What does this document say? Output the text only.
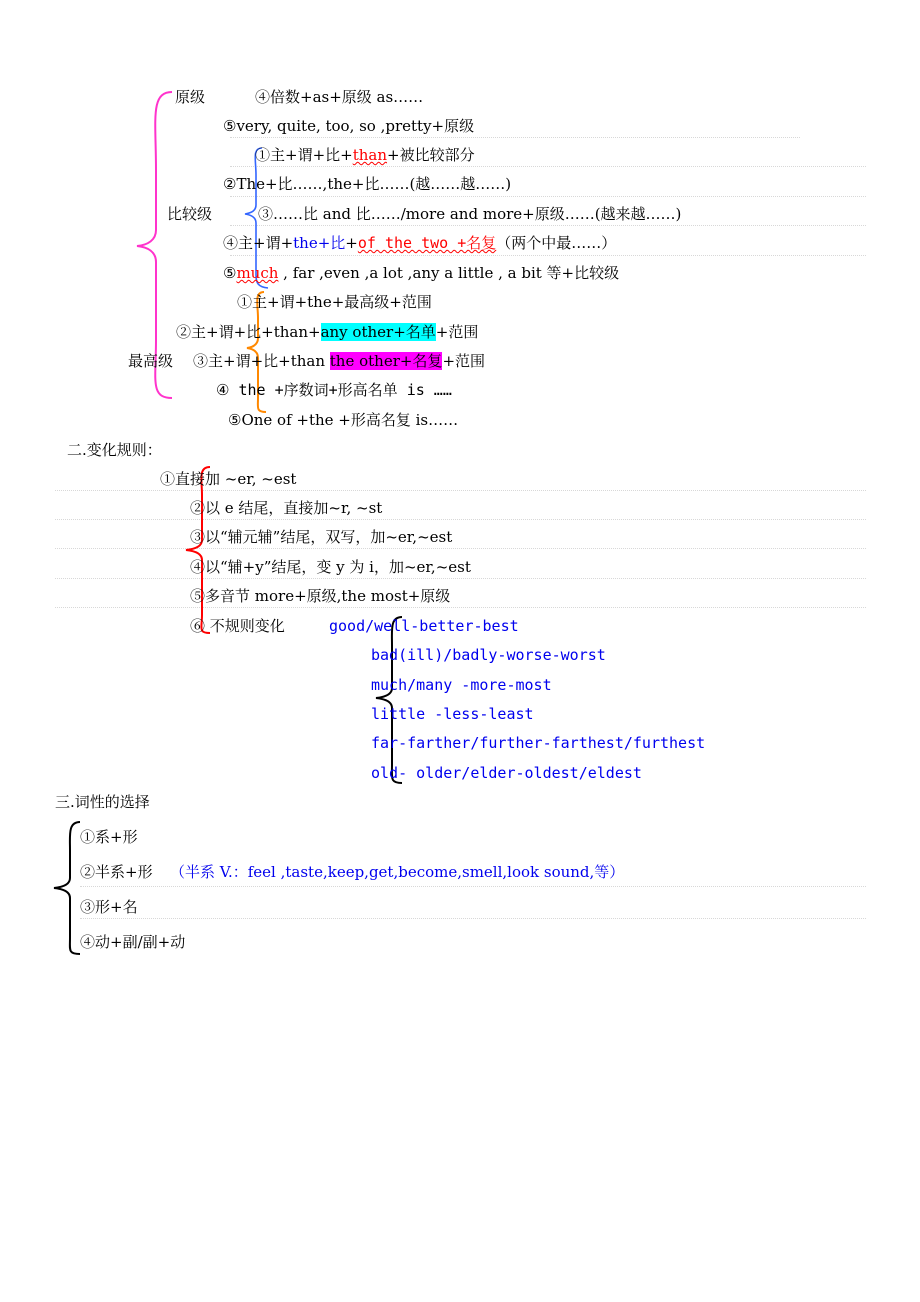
原级	④倍数+as+原级 as……
⑤very, quite, too, so ,pretty+原级
比较级
①主+谓+比+than+被比较部分
②The+比……,the+比……(越……越……)
③……比 and 比……/more and more+原级……(越来越……)
④主+谓+the+比+of the two +名复（两个中最……）
⑤much , far ,even ,a lot ,any a little , a bit 等+比较级
最高级
①主+谓+the+最高级+范围
②主+谓+比+than+any other+名单+范围
③主+谓+比+than the other+名复+范围
④ the +序数词+形高名单 is ……
⑤One of +the +形高名复 is……
二.变化规则：
①直接加 ~er, ~est
②以 e 结尾，直接加~r, ~st
③以“辅元辅”结尾，双写，加~er,~est
④以“辅+y”结尾，变 y 为 i，加~er,~est
⑤多音节 more+原级,the most+原级
⑥ 不规则变化	good/well-better-best
bad(ill)/badly-worse-worst
much/many -more-most
little -less-least
far-farther/further-farthest/furthest
old- older/elder-oldest/eldest
三.词性的选择
①系+形
②半系+形 （半系 V.：feel ,taste,keep,get,become,smell,look sound,等）
③形+名
④动+副/副+动
